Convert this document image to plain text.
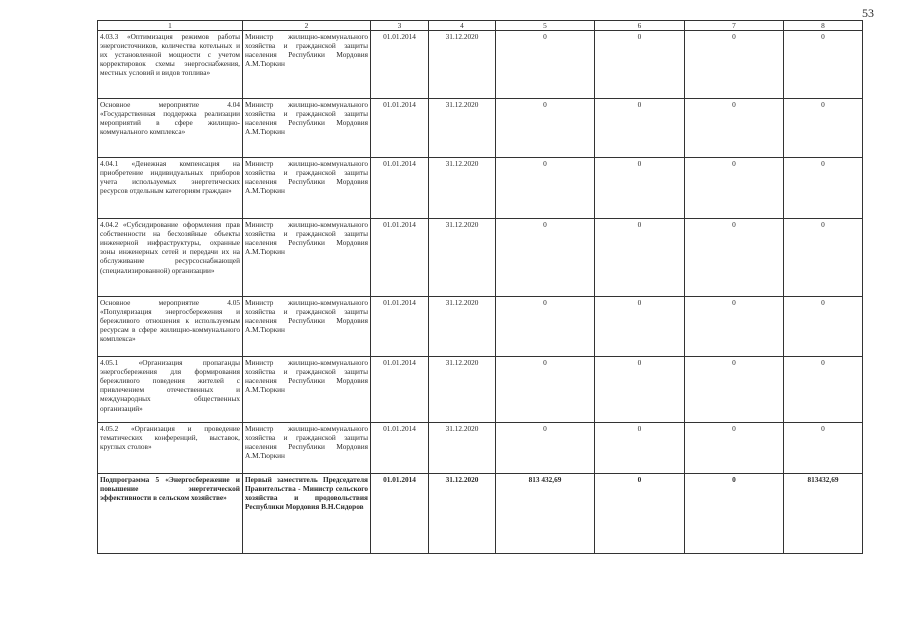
53
1	2	3	4	5	6	7	8
4.03.3 «Оптимизация режимов работы энергоисточников, количества котельных и их установленной мощности с учетом корректировок схемы энергоснабжения, местных условий и видов топлива»	Министр жилищно-коммунального хозяйства и гражданской защиты населения Республики Мордовия А.М.Тюркин	01.01.2014	31.12.2020	0	0	0	0
Основное мероприятие 4.04 «Государственная поддержка реализации мероприятий в сфере жилищно-коммунального комплекса»	Министр жилищно-коммунального хозяйства и гражданской защиты населения Республики Мордовия А.М.Тюркин	01.01.2014	31.12.2020	0	0	0	0
4.04.1 «Денежная компенсация на приобретение индивидуальных приборов учета используемых энергетических ресурсов отдельным категориям граждан»	Министр жилищно-коммунального хозяйства и гражданской защиты населения Республики Мордовия А.М.Тюркин	01.01.2014	31.12.2020	0	0	0	0
4.04.2 «Субсидирование оформления прав собственности на бесхозяйные объекты инженерной инфраструктуры, охранные зоны инженерных сетей и передачи их на обслуживание ресурсоснабжающей (специализированной) организации»	Министр жилищно-коммунального хозяйства и гражданской защиты населения Республики Мордовия А.М.Тюркин	01.01.2014	31.12.2020	0	0	0	0
Основное мероприятие 4.05 «Популяризация энергосбережения и бережливого отношения к используемым ресурсам в сфере жилищно-коммунального комплекса»	Министр жилищно-коммунального хозяйства и гражданской защиты населения Республики Мордовия А.М.Тюркин	01.01.2014	31.12.2020	0	0	0	0
4.05.1 «Организация пропаганды энергосбережения для формирования бережливого поведения жителей с привлечением отечественных и международных общественных организаций»	Министр жилищно-коммунального хозяйства и гражданской защиты населения Республики Мордовия А.М.Тюркин	01.01.2014	31.12.2020	0	0	0	0
4.05.2 «Организация и проведение тематических конференций, выставок, круглых столов»	Министр жилищно-коммунального хозяйства и гражданской защиты населения Республики Мордовия А.М.Тюркин	01.01.2014	31.12.2020	0	0	0	0
Подпрограмма 5 «Энергосбережение и повышение энергетической эффективности в сельском хозяйстве»	Первый заместитель Председателя Правительства - Министр сельского хозяйства и продовольствия Республики Мордовия В.Н.Сидоров	01.01.2014	31.12.2020	813 432,69	0	0	813432,69
